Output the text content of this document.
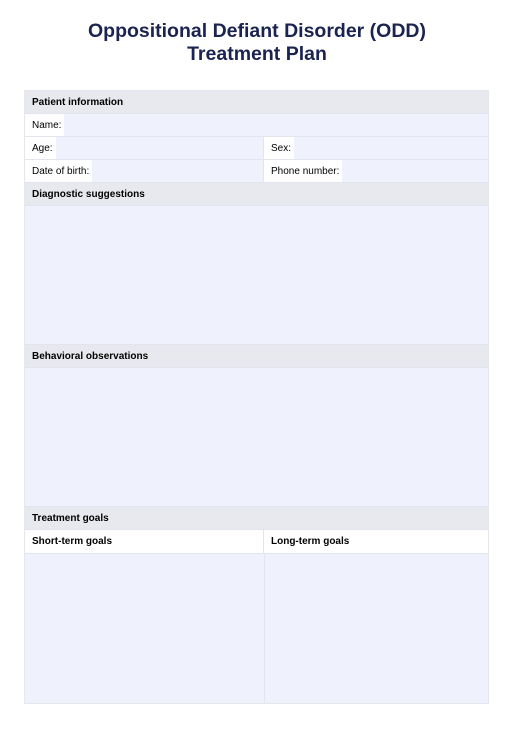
Oppositional Defiant Disorder (ODD)
Treatment Plan
Patient information
Name:
Age:	Sex:
Date of birth:	Phone number:
Diagnostic suggestions
Behavioral observations
Treatment goals
Short-term goals	Long-term goals
